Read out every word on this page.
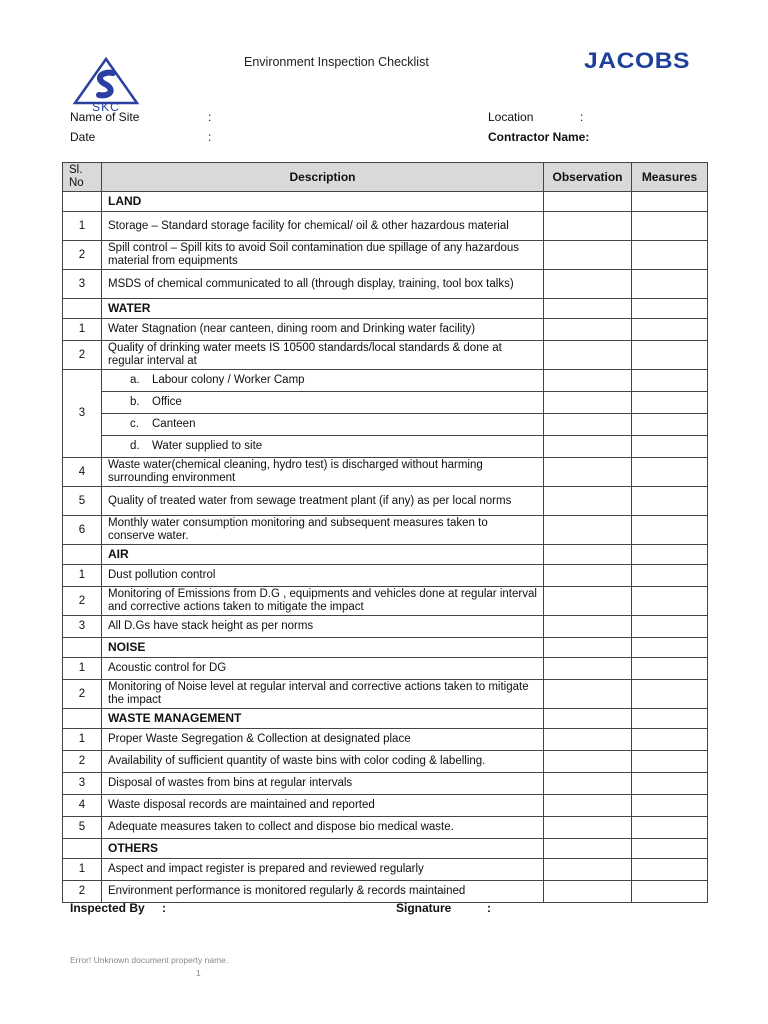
SKC
Environment Inspection Checklist	JACOBS
Name of Site	:
Date	:
Location	:
Contractor Name:
Sl. No	Description	Observation	Measures
	LAND		
1	Storage – Standard storage facility for chemical/ oil & other hazardous material		
2	Spill control – Spill kits to avoid Soil contamination due spillage of any hazardous material from equipments		
3	MSDS of chemical communicated to all (through display, training, tool box talks)		
	WATER		
1	Water Stagnation (near canteen, dining room and Drinking water facility)		
2	Quality of drinking water meets IS 10500 standards/local standards & done at regular interval at		
3	a. Labour colony / Worker Camp		
	b. Office		
	c. Canteen		
	d. Water supplied to site		
4	Waste water(chemical cleaning, hydro test) is discharged without harming surrounding environment		
5	Quality of treated water from sewage treatment plant (if any) as per local norms		
6	Monthly water consumption monitoring and subsequent measures taken to conserve water.		
	AIR		
1	Dust pollution control		
2	Monitoring of Emissions from D.G , equipments and vehicles done at regular interval and corrective actions taken to mitigate the impact		
3	All D.Gs have stack height as per norms		
	NOISE		
1	Acoustic control for DG		
2	Monitoring of Noise level at regular interval and corrective actions taken to mitigate the impact		
	WASTE MANAGEMENT		
1	Proper Waste Segregation & Collection at designated place		
2	Availability of sufficient quantity of waste bins with color coding & labelling.		
3	Disposal of wastes from bins at regular intervals		
4	Waste disposal records are maintained and reported		
5	Adequate measures taken to collect and dispose bio medical waste.		
	OTHERS		
1	Aspect and impact register is prepared and reviewed regularly		
2	Environment performance is monitored regularly & records maintained		
Inspected By :	Signature	:
Error! Unknown document property name.
1
